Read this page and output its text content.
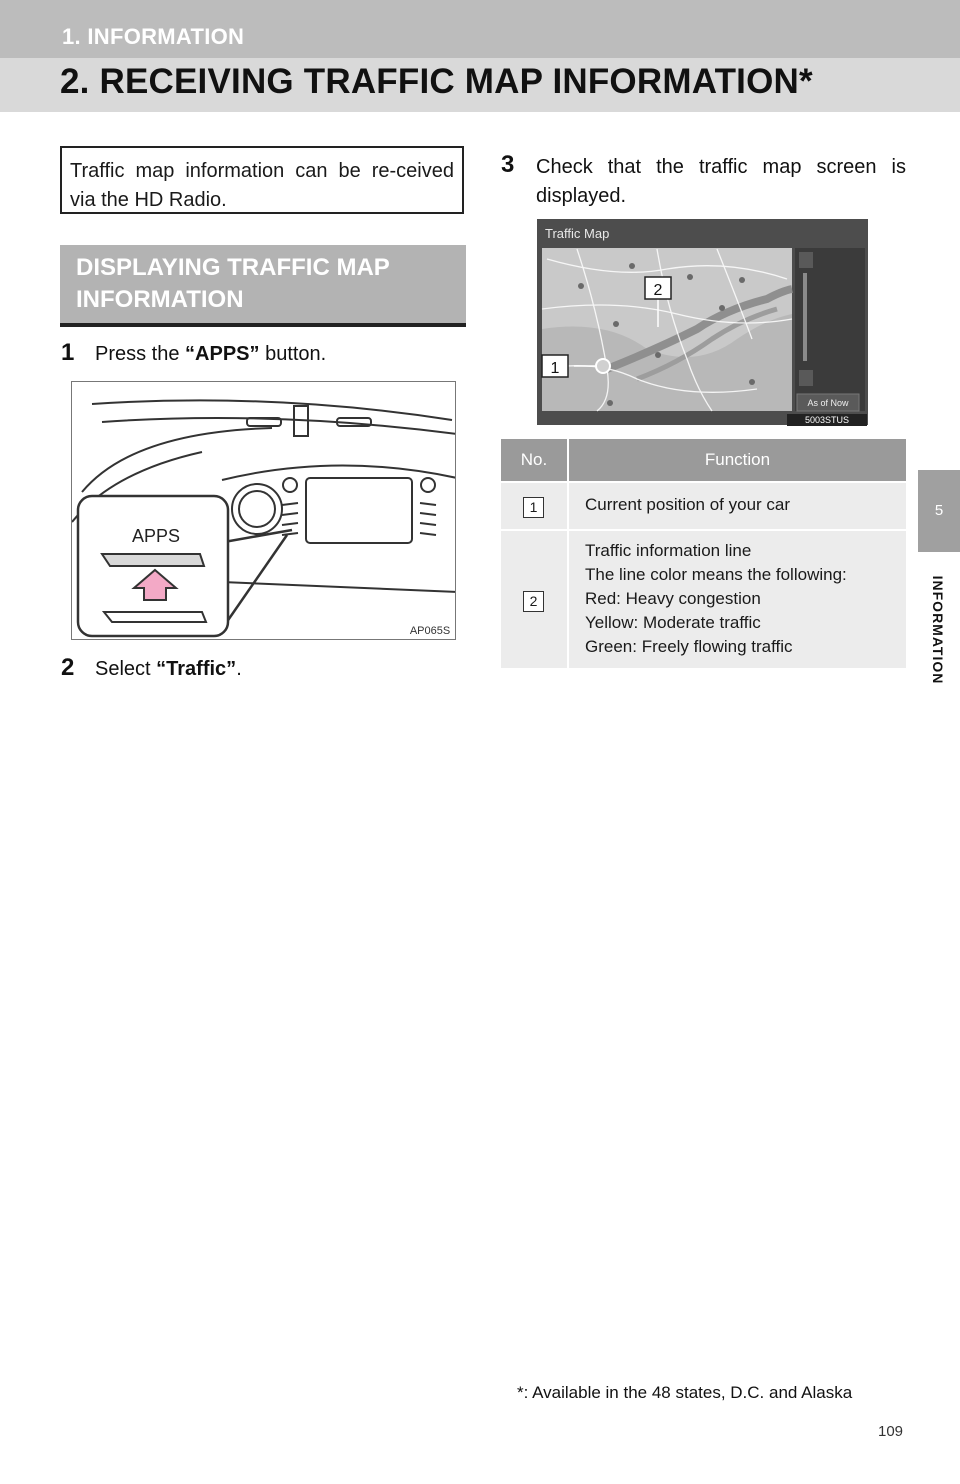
1. INFORMATION
2. RECEIVING TRAFFIC MAP INFORMATION*
5
INFORMATION
Traffic map information can be re-ceived via the HD Radio.
DISPLAYING TRAFFIC MAP
INFORMATION
1 Press the “APPS” button.
APPS
AP065S
2 Select “Traffic”.
3 Check that the traffic map screen is
displayed.
As of Now
Traffic Map
1
2
5003STUS
No.	Function

1	Current position of your car

2	Traffic information line
The line color means the following:
Red: Heavy congestion
Yellow: Moderate traffic
Green: Freely flowing traffic
*: Available in the 48 states, D.C. and Alaska
109
